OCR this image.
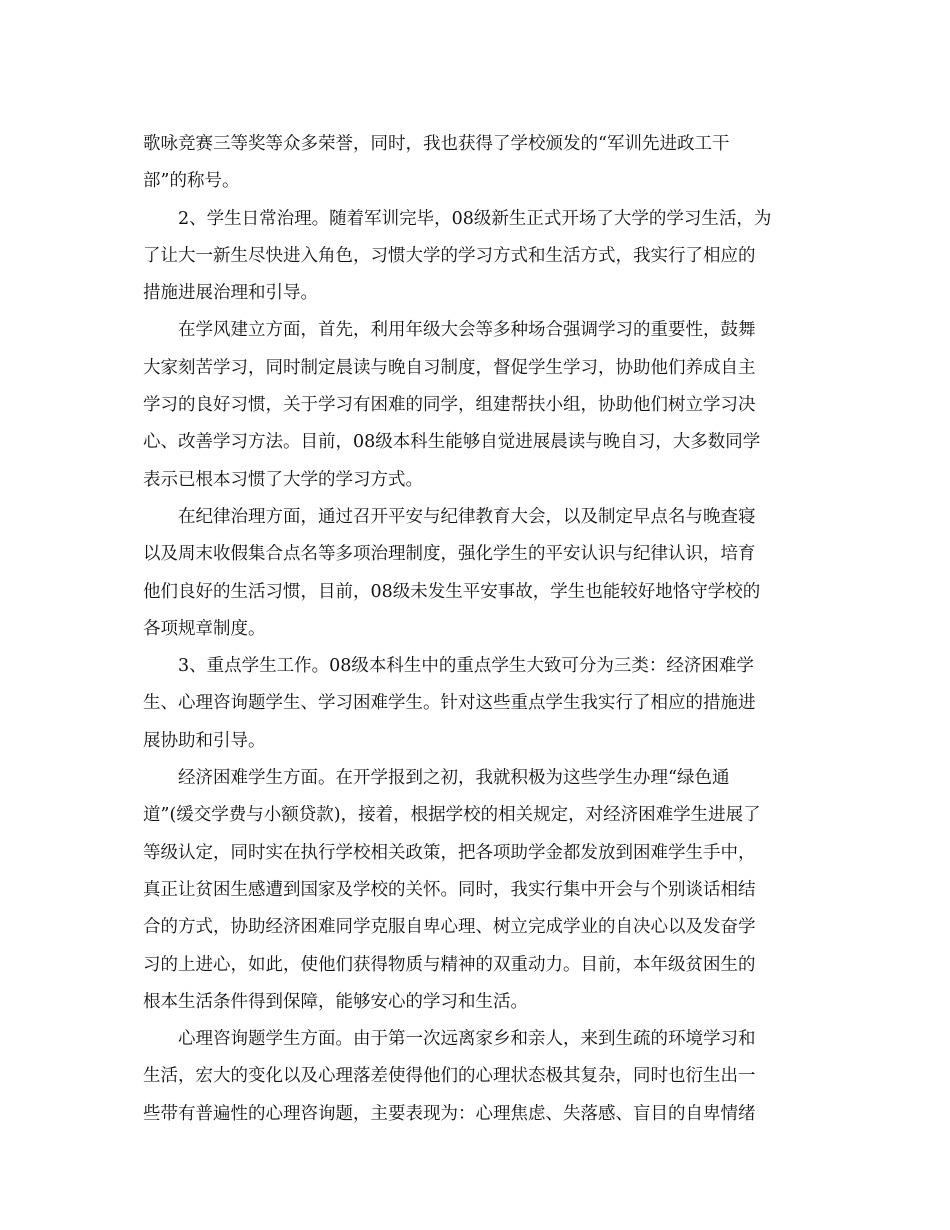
歌咏竞赛三等奖等众多荣誉，同时，我也获得了学校颁发的“军训先进政工干
部”的称号。
2、学生日常治理。随着军训完毕，08级新生正式开场了大学的学习生活，为
了让大一新生尽快进入角色，习惯大学的学习方式和生活方式，我实行了相应的
措施进展治理和引导。
在学风建立方面，首先，利用年级大会等多种场合强调学习的重要性，鼓舞
大家刻苦学习，同时制定晨读与晚自习制度，督促学生学习，协助他们养成自主
学习的良好习惯，关于学习有困难的同学，组建帮扶小组，协助他们树立学习决
心、改善学习方法。目前，08级本科生能够自觉进展晨读与晚自习，大多数同学
表示已根本习惯了大学的学习方式。
在纪律治理方面，通过召开平安与纪律教育大会，以及制定早点名与晚查寝
以及周末收假集合点名等多项治理制度，强化学生的平安认识与纪律认识，培育
他们良好的生活习惯，目前，08级未发生平安事故，学生也能较好地恪守学校的
各项规章制度。
3、重点学生工作。08级本科生中的重点学生大致可分为三类：经济困难学
生、心理咨询题学生、学习困难学生。针对这些重点学生我实行了相应的措施进
展协助和引导。
经济困难学生方面。在开学报到之初，我就积极为这些学生办理“绿色通
道”(缓交学费与小额贷款)，接着，根据学校的相关规定，对经济困难学生进展了
等级认定，同时实在执行学校相关政策，把各项助学金都发放到困难学生手中，
真正让贫困生感遭到国家及学校的关怀。同时，我实行集中开会与个别谈话相结
合的方式，协助经济困难同学克服自卑心理、树立完成学业的自决心以及发奋学
习的上进心，如此，使他们获得物质与精神的双重动力。目前，本年级贫困生的
根本生活条件得到保障，能够安心的学习和生活。
心理咨询题学生方面。由于第一次远离家乡和亲人，来到生疏的环境学习和
生活，宏大的变化以及心理落差使得他们的心理状态极其复杂，同时也衍生出一
些带有普遍性的心理咨询题，主要表现为：心理焦虑、失落感、盲目的自卑情绪
